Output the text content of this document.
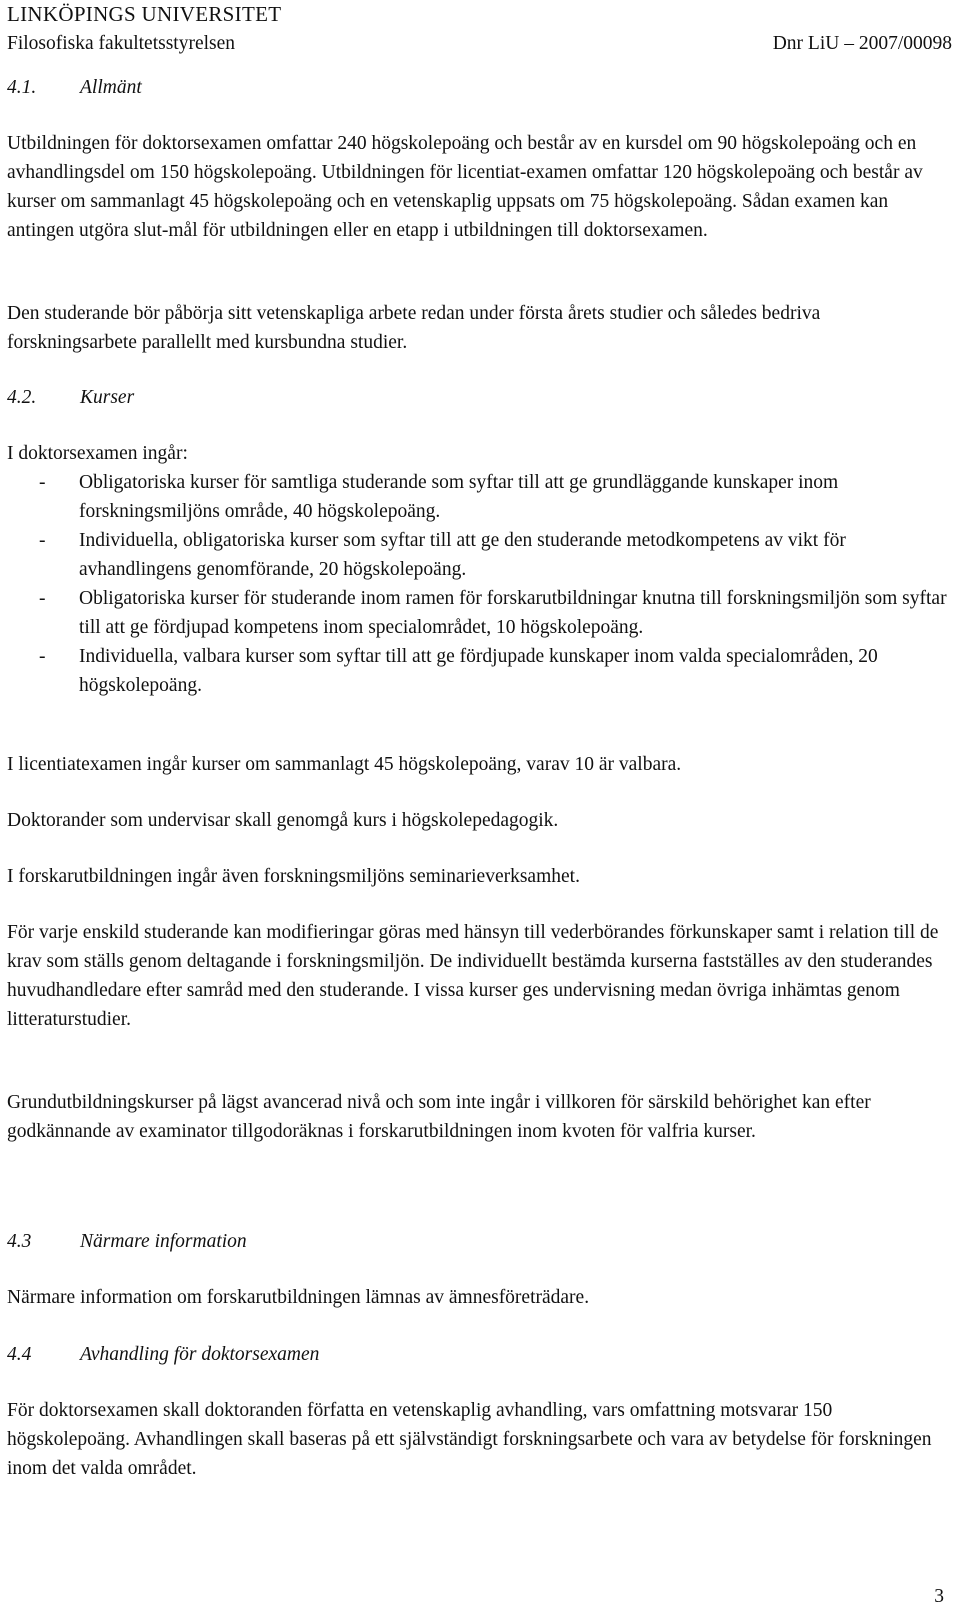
LINKÖPINGS UNIVERSITET
Filosofiska fakultetsstyrelsen	Dnr LiU – 2007/00098
4.1. Allmänt

Utbildningen för doktorsexamen omfattar 240 högskolepoäng och består av en kursdel om 90 högskolepoäng och en avhandlingsdel om 150 högskolepoäng. Utbildningen för licentiat-examen omfattar 120 högskolepoäng och består av kurser om sammanlagt 45 högskolepoäng och en vetenskaplig uppsats om 75 högskolepoäng. Sådan examen kan antingen utgöra slut-mål för utbildningen eller en etapp i utbildningen till doktorsexamen.

Den studerande bör påbörja sitt vetenskapliga arbete redan under första årets studier och således bedriva forskningsarbete parallellt med kursbundna studier.

4.2. Kurser

I doktorsexamen ingår:

- Obligatoriska kurser för samtliga studerande som syftar till att ge grundläggande kunskaper inom forskningsmiljöns område, 40 högskolepoäng.
- Individuella, obligatoriska kurser som syftar till att ge den studerande metodkompetens av vikt för avhandlingens genomförande, 20 högskolepoäng.
- Obligatoriska kurser för studerande inom ramen för forskarutbildningar knutna till forskningsmiljön som syftar till att ge fördjupad kompetens inom specialområdet, 10 högskolepoäng.
- Individuella, valbara kurser som syftar till att ge fördjupade kunskaper inom valda specialområden, 20 högskolepoäng.

I licentiatexamen ingår kurser om sammanlagt 45 högskolepoäng, varav 10 är valbara.

Doktorander som undervisar skall genomgå kurs i högskolepedagogik.

I forskarutbildningen ingår även forskningsmiljöns seminarieverksamhet.

För varje enskild studerande kan modifieringar göras med hänsyn till vederbörandes förkunskaper samt i relation till de krav som ställs genom deltagande i forskningsmiljön. De individuellt bestämda kurserna fastställes av den studerandes huvudhandledare efter samråd med den studerande. I vissa kurser ges undervisning medan övriga inhämtas genom litteraturstudier.

Grundutbildningskurser på lägst avancerad nivå och som inte ingår i villkoren för särskild behörighet kan efter godkännande av examinator tillgodoräknas i forskarutbildningen inom kvoten för valfria kurser.

4.3 Närmare information

Närmare information om forskarutbildningen lämnas av ämnesföreträdare.

4.4 Avhandling för doktorsexamen

För doktorsexamen skall doktoranden författa en vetenskaplig avhandling, vars omfattning motsvarar 150 högskolepoäng. Avhandlingen skall baseras på ett självständigt forskningsarbete och vara av betydelse för forskningen inom det valda området.

3
